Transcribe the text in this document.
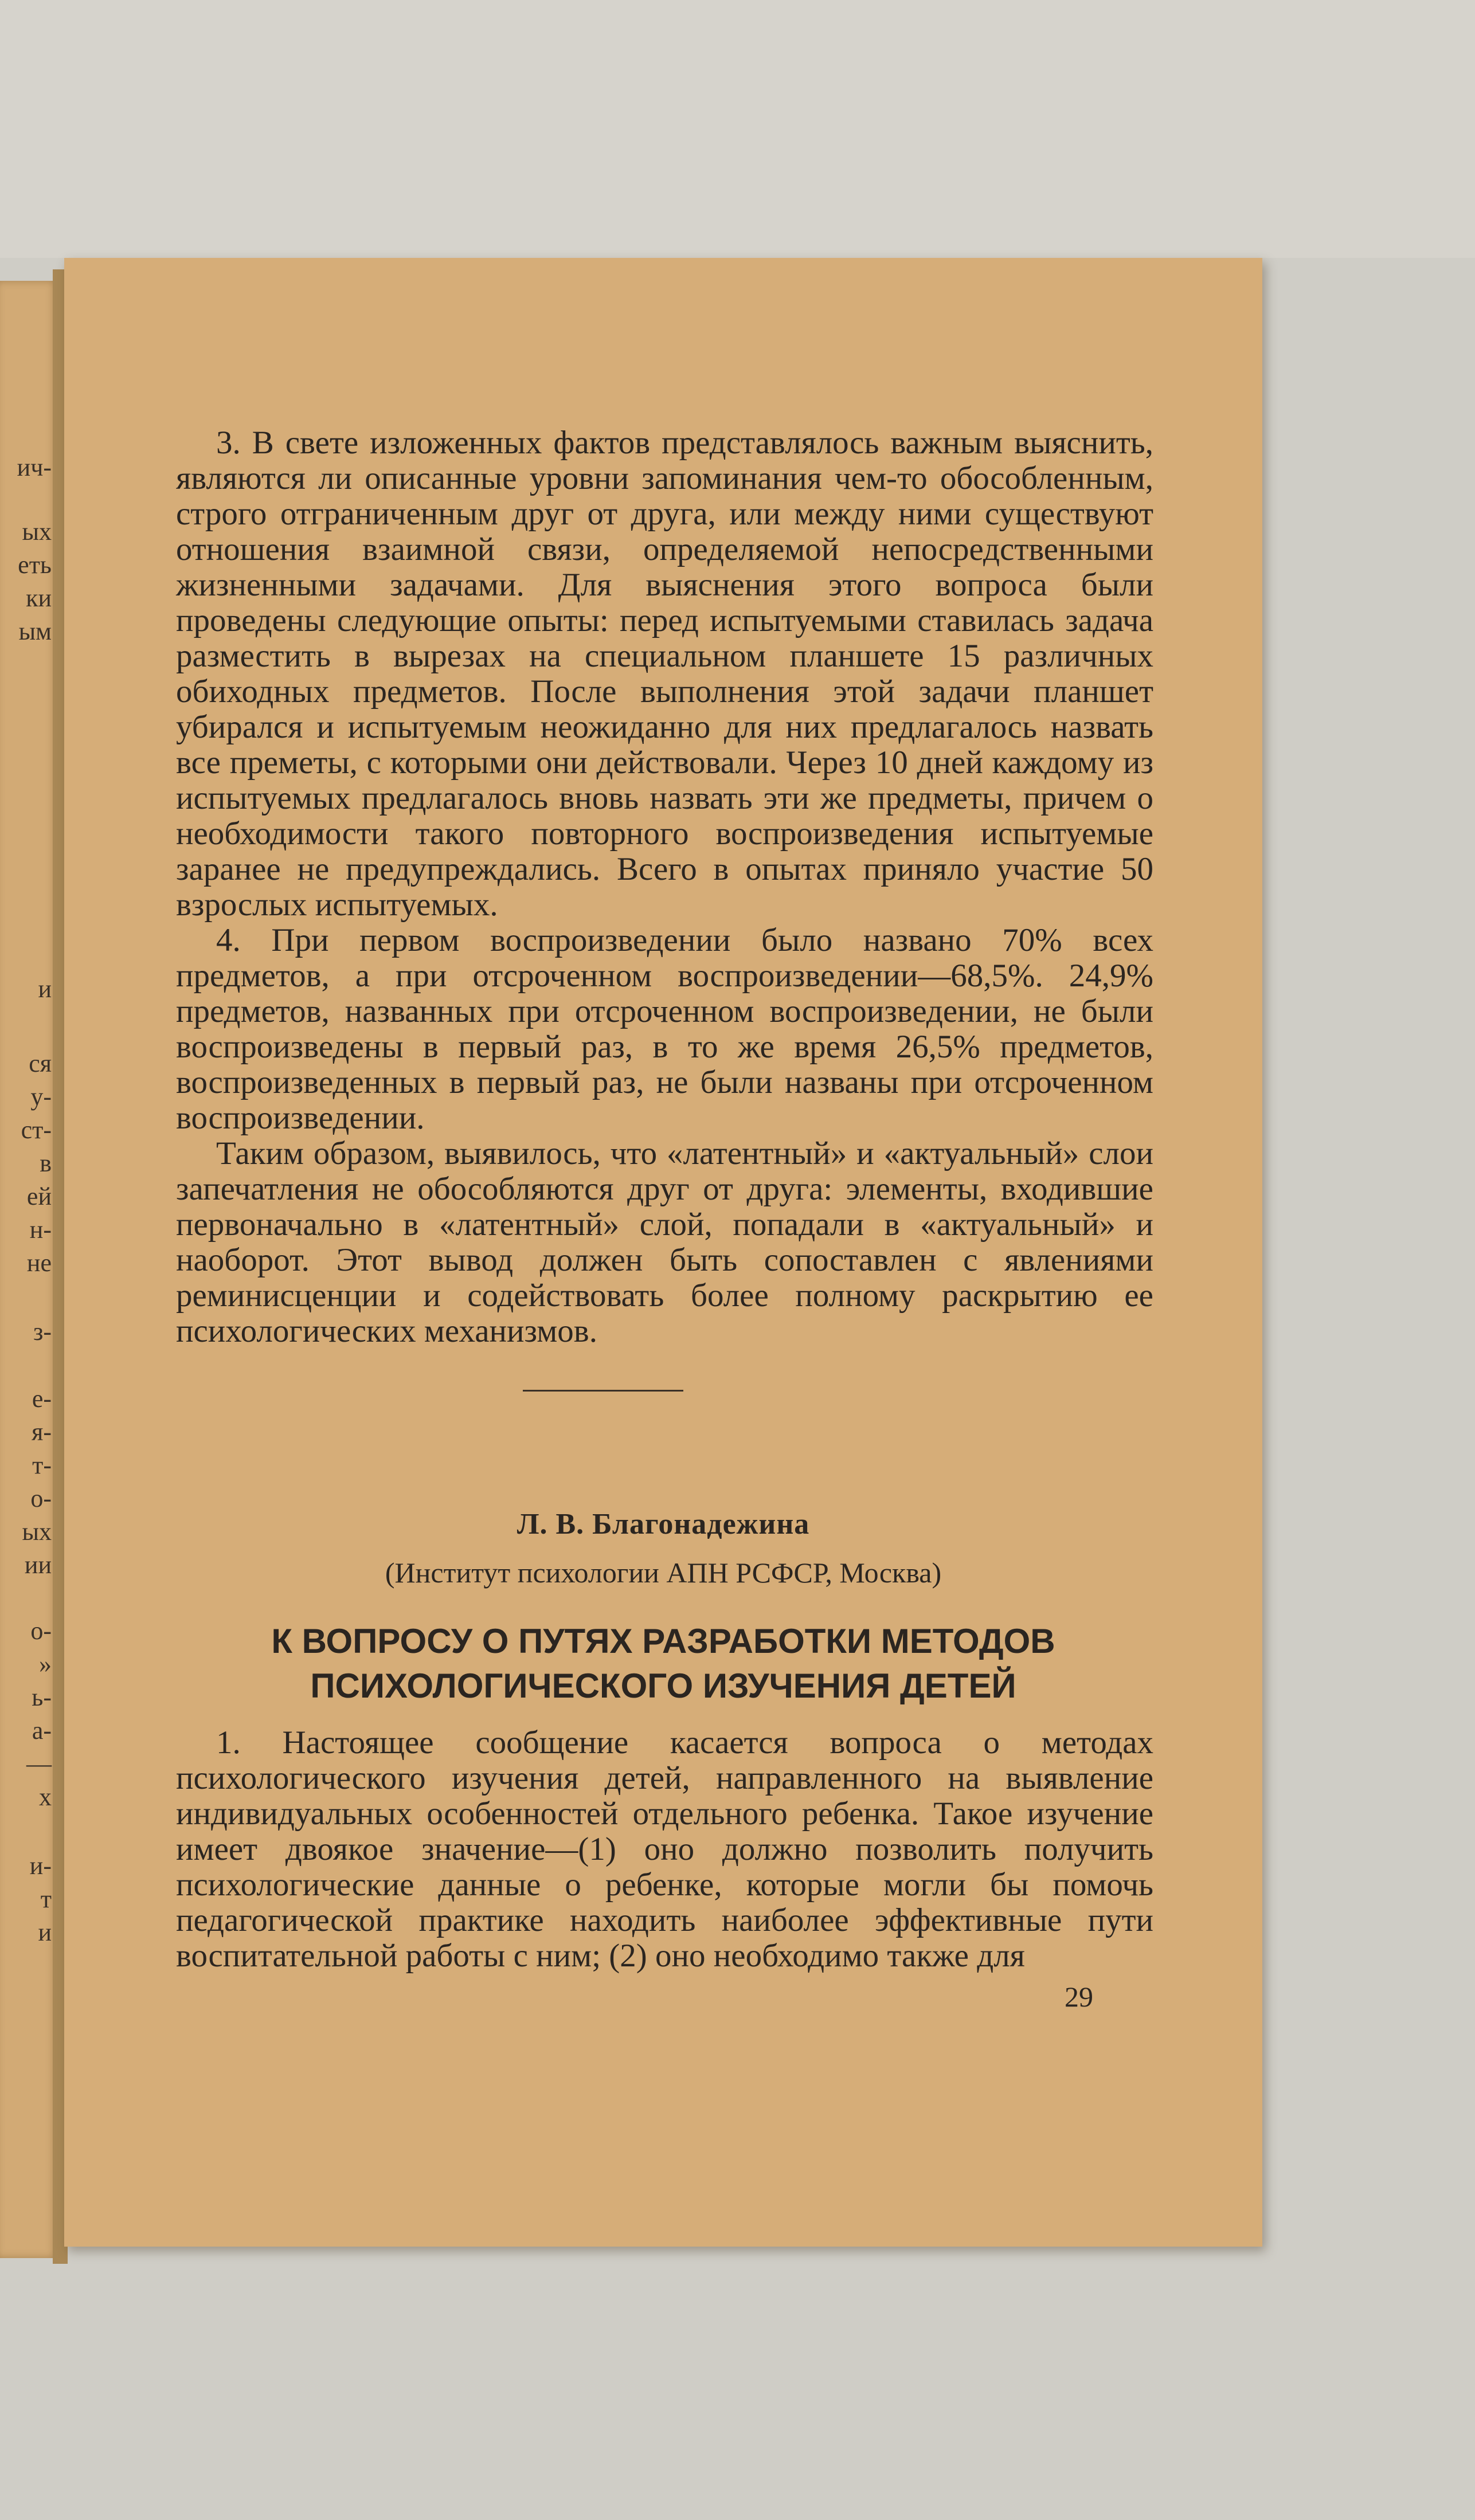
ич-
ых
еть
ки
ым
и
ся
у-
ст-
в
ей
н-
не
з-
е-
я-
т-
о-
ых
ии
о-
»
ь-
а-
—
х
и-
т
и

3. В свете изложенных фактов представлялось важным выяснить, являются ли описанные уровни запоминания чем-то обособленным, строго отграниченным друг от друга, или между ними существуют отношения взаимной связи, определяемой непосредственными жизненными задачами. Для выяснения этого вопроса были проведены следующие опыты: перед испытуемыми ставилась задача разместить в вырезах на специальном планшете 15 различных обиходных предметов. После выполнения этой задачи планшет убирался и испытуемым неожиданно для них предлагалось назвать все преметы, с которыми они действовали. Через 10 дней каждому из испытуемых предлагалось вновь назвать эти же предметы, причем о необходимости такого повторного воспроизведения испытуемые заранее не предупреждались. Всего в опытах приняло участие 50 взрослых испытуемых.

4. При первом воспроизведении было названо 70% всех предметов, а при отсроченном воспроизведении—68,5%. 24,9% предметов, названных при отсроченном воспроизведении, не были воспроизведены в первый раз, в то же время 26,5% предметов, воспроизведенных в первый раз, не были названы при отсроченном воспроизведении.

Таким образом, выявилось, что «латентный» и «актуальный» слои запечатления не обособляются друг от друга: элементы, входившие первоначально в «латентный» слой, попадали в «актуальный» и наоборот. Этот вывод должен быть сопоставлен с явлениями реминисценции и содействовать более полному раскрытию ее психологических механизмов.

Л. В. Благонадежина
(Институт психологии АПН РСФСР, Москва)
К ВОПРОСУ О ПУТЯХ РАЗРАБОТКИ МЕТОДОВ
ПСИХОЛОГИЧЕСКОГО ИЗУЧЕНИЯ ДЕТЕЙ

1. Настоящее сообщение касается вопроса о методах психологического изучения детей, направленного на выявление индивидуальных особенностей отдельного ребенка. Такое изучение имеет двоякое значение—(1) оно должно позволить получить психологические данные о ребенке, которые могли бы помочь педагогической практике находить наиболее эффективные пути воспитательной работы с ним; (2) оно необходимо также для

29
